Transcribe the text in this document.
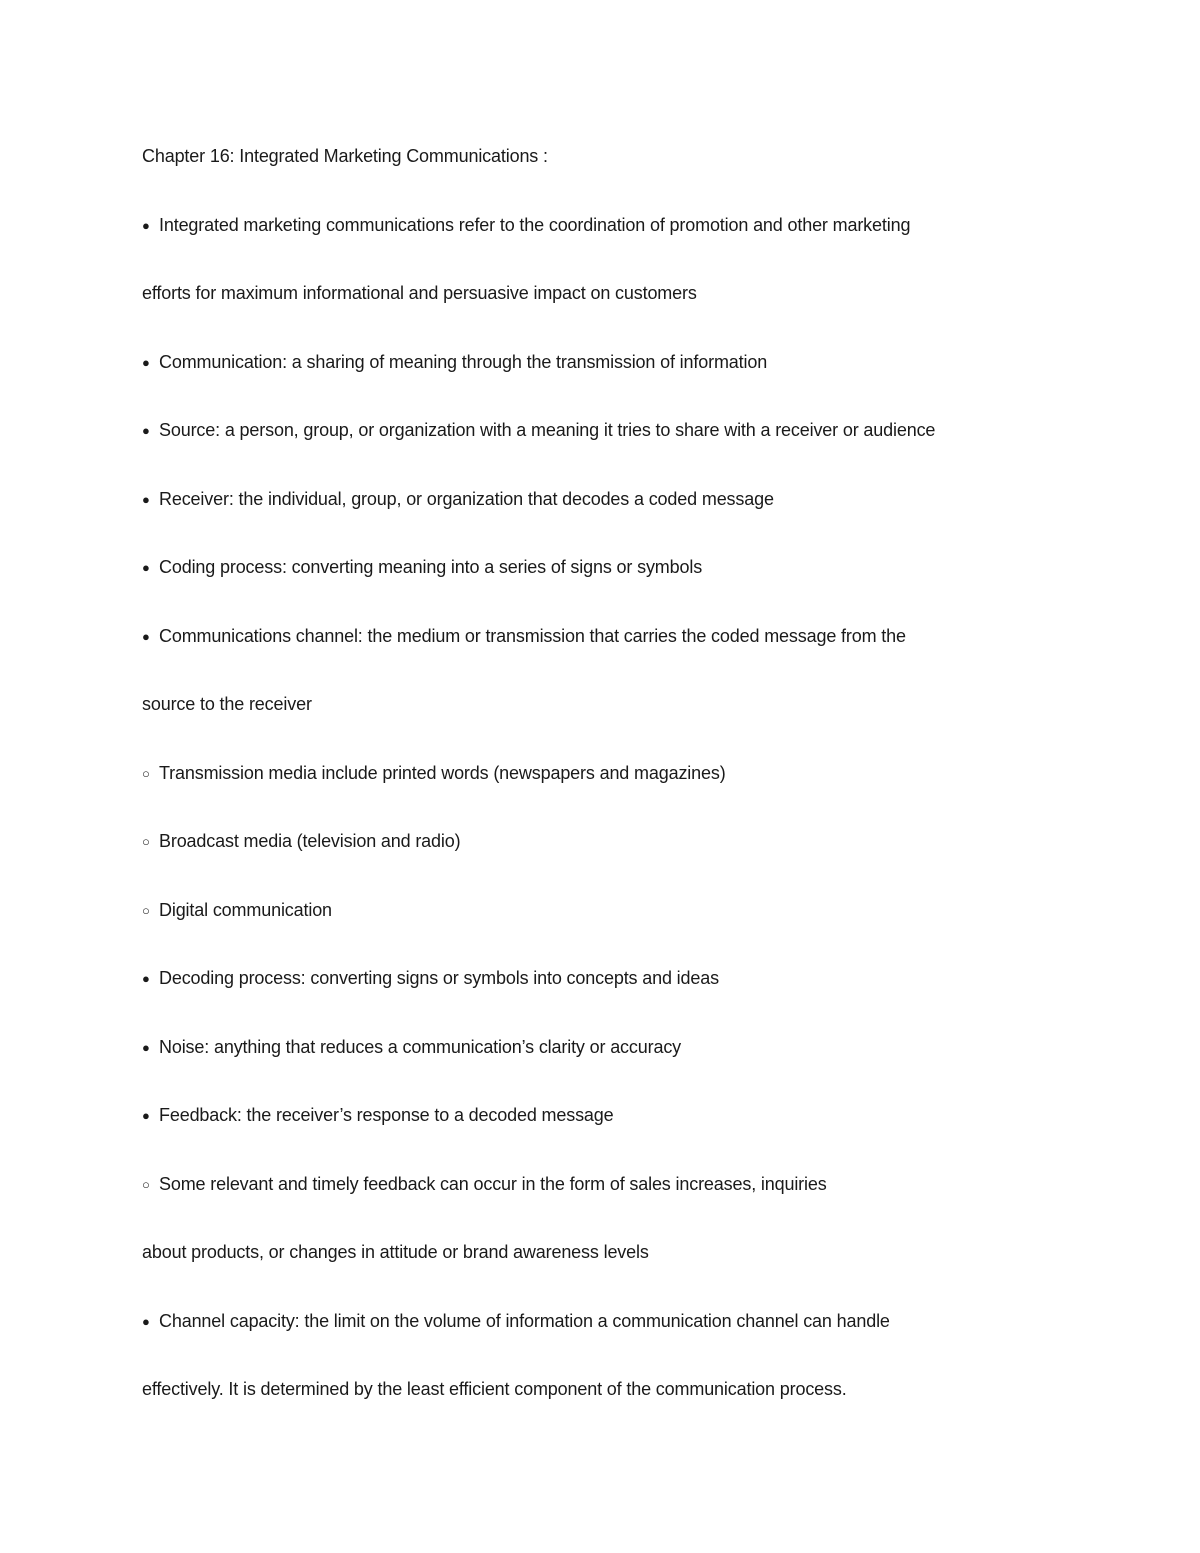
Chapter 16: Integrated Marketing Communications :
● Integrated marketing communications refer to the coordination of promotion and other marketing
efforts for maximum informational and persuasive impact on customers
● Communication: a sharing of meaning through the transmission of information
● Source: a person, group, or organization with a meaning it tries to share with a receiver or audience
● Receiver: the individual, group, or organization that decodes a coded message
● Coding process: converting meaning into a series of signs or symbols
● Communications channel: the medium or transmission that carries the coded message from the
source to the receiver
○ Transmission media include printed words (newspapers and magazines)
○ Broadcast media (television and radio)
○ Digital communication
● Decoding process: converting signs or symbols into concepts and ideas
● Noise: anything that reduces a communication’s clarity or accuracy
● Feedback: the receiver’s response to a decoded message
○ Some relevant and timely feedback can occur in the form of sales increases, inquiries
about products, or changes in attitude or brand awareness levels
● Channel capacity: the limit on the volume of information a communication channel can handle
effectively. It is determined by the least efficient component of the communication process.
